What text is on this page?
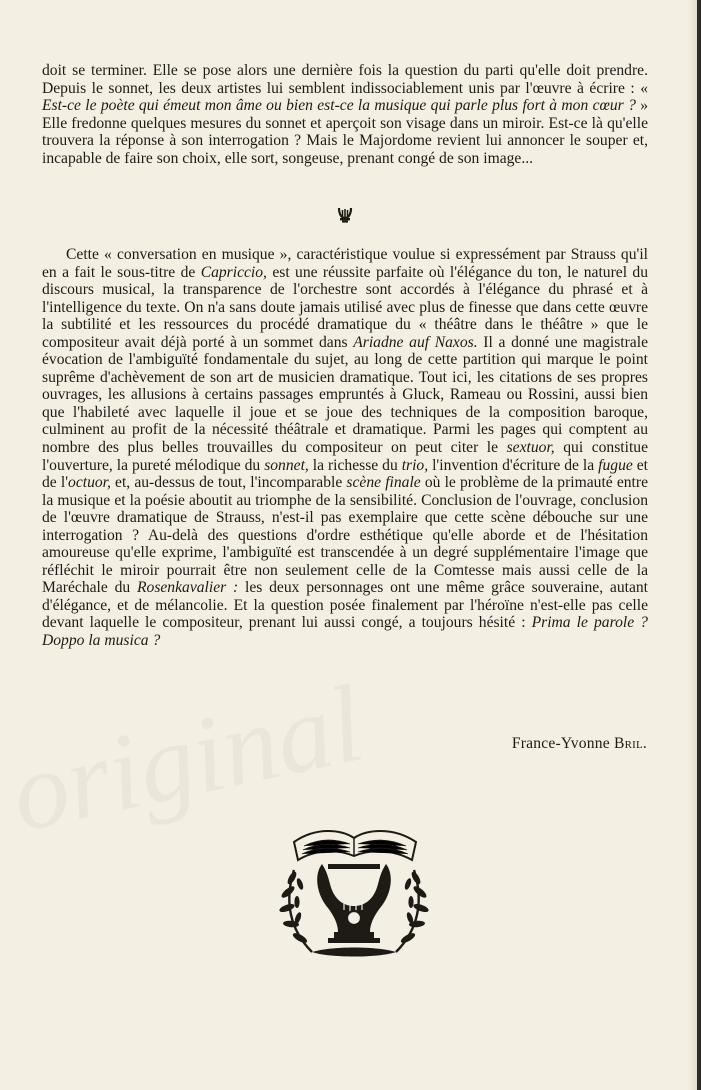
original

doit se terminer. Elle se pose alors une dernière fois la question du parti qu'elle doit prendre. Depuis le sonnet, les deux artistes lui semblent indissociablement unis par l'œuvre à écrire : « Est-ce le poète qui émeut mon âme ou bien est-ce la musique qui parle plus fort à mon cœur ? » Elle fredonne quelques mesures du sonnet et aperçoit son visage dans un miroir. Est-ce là qu'elle trouvera la réponse à son interrogation ? Mais le Majordome revient lui annoncer le souper et, incapable de faire son choix, elle sort, songeuse, prenant congé de son image...

Cette « conversation en musique », caractéristique voulue si expressément par Strauss qu'il en a fait le sous-titre de Capriccio, est une réussite parfaite où l'élégance du ton, le naturel du discours musical, la transparence de l'orchestre sont accordés à l'élégance du phrasé et à l'intelligence du texte. On n'a sans doute jamais utilisé avec plus de finesse que dans cette œuvre la subtilité et les ressources du procédé dramatique du « théâtre dans le théâtre » que le compositeur avait déjà porté à un sommet dans Ariadne auf Naxos. Il a donné une magistrale évocation de l'ambiguïté fondamentale du sujet, au long de cette partition qui marque le point suprême d'achèvement de son art de musicien dramatique. Tout ici, les citations de ses propres ouvrages, les allusions à certains passages empruntés à Gluck, Rameau ou Rossini, aussi bien que l'habileté avec laquelle il joue et se joue des techniques de la composition baroque, culminent au profit de la nécessité théâtrale et dramatique. Parmi les pages qui comptent au nombre des plus belles trouvailles du compositeur on peut citer le sextuor, qui constitue l'ouverture, la pureté mélodique du sonnet, la richesse du trio, l'invention d'écriture de la fugue et de l'octuor, et, au-dessus de tout, l'incomparable scène finale où le problème de la primauté entre la musique et la poésie aboutit au triomphe de la sensibilité. Conclusion de l'ouvrage, conclusion de l'œuvre dramatique de Strauss, n'est-il pas exemplaire que cette scène débouche sur une interrogation ? Au-delà des questions d'ordre esthétique qu'elle aborde et de l'hésitation amoureuse qu'elle exprime, l'ambiguïté est transcendée à un degré supplémentaire l'image que réfléchit le miroir pourrait être non seulement celle de la Comtesse mais aussi celle de la Maréchale du Rosenkavalier : les deux personnages ont une même grâce souveraine, autant d'élégance, et de mélancolie. Et la question posée finalement par l'héroïne n'est-elle pas celle devant laquelle le compositeur, prenant lui aussi congé, a toujours hésité : Prima le parole ? Doppo la musica ?

France-Yvonne Bril.
